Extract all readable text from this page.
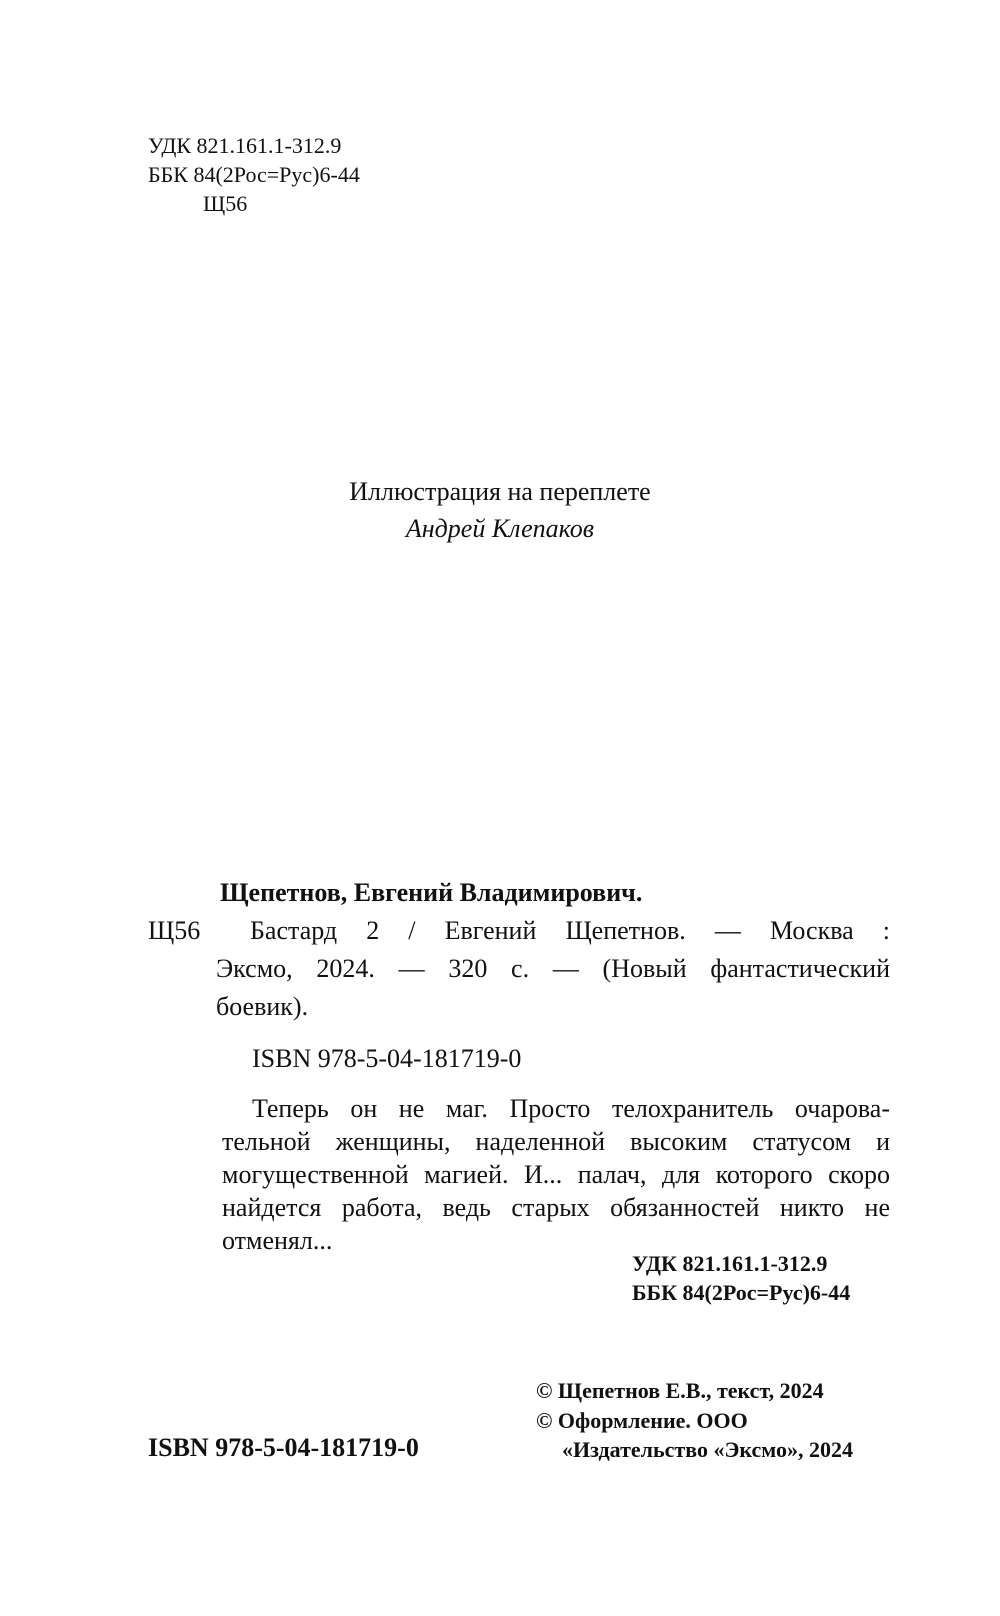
УДК 821.161.1-312.9
ББК 84(2Рос=Рус)6-44
Щ56
Иллюстрация на переплете
Андрей Клепаков
Щепетнов, Евгений Владимирович.
Щ56 Бастард 2 / Евгений Щепетнов. — Москва :
Эксмо, 2024. — 320 с. — (Новый фантастический
боевик).
ISBN 978-5-04-181719-0
Теперь он не маг. Просто телохранитель очарова-
тельной женщины, наделенной высоким статусом и
могущественной магией. И... палач, для которого скоро
найдется работа, ведь старых обязанностей никто не
отменял...
УДК 821.161.1-312.9
ББК 84(2Рос=Рус)6-44
© Щепетнов Е.В., текст, 2024
© Оформление. ООО
«Издательство «Эксмо», 2024
ISBN 978-5-04-181719-0
